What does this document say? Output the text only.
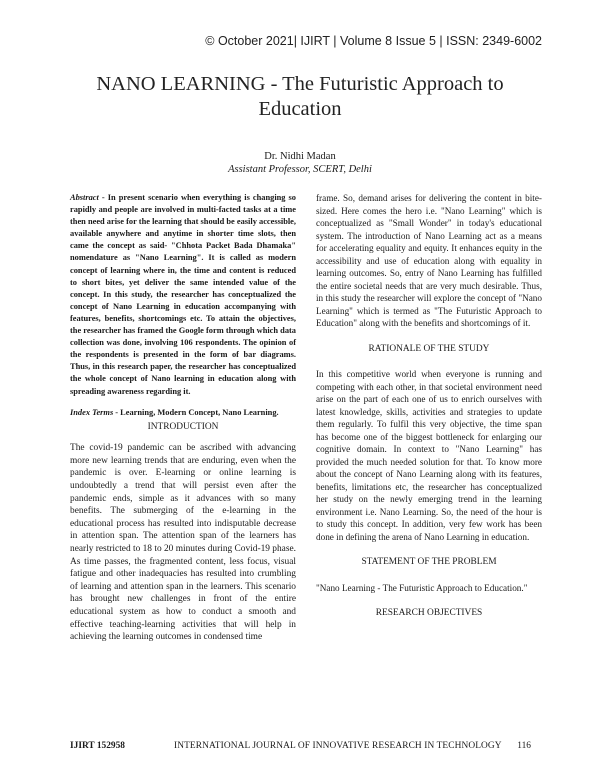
© October 2021| IJIRT | Volume 8 Issue 5 | ISSN: 2349-6002
NANO LEARNING - The Futuristic Approach to
Education
Dr. Nidhi Madan
Assistant Professor, SCERT, Delhi

Abstract - In present scenario when everything is changing so rapidly and people are involved in multi-facted tasks at a time then need arise for the learning that should be easily accessible, available anywhere and anytime in shorter time slots, then came the concept as said- "Chhota Packet Bada Dhamaka" nomendature as "Nano Learning". It is called as modern concept of learning where in, the time and content is reduced to short bites, yet deliver the same intended value of the concept. In this study, the researcher has conceptualized the concept of Nano Learning in education accompanying with features, benefits, shortcomings etc. To attain the objectives, the researcher has framed the Google form through which data collection was done, involving 106 respondents. The opinion of the respondents is presented in the form of bar diagrams. Thus, in this research paper, the researcher has conceptualized the whole concept of Nano learning in education along with spreading awareness regarding it.

Index Terms - Learning, Modern Concept, Nano Learning.

INTRODUCTION

The covid-19 pandemic can be ascribed with advancing more new learning trends that are enduring, even when the pandemic is over. E-learning or online learning is undoubtedly a trend that will persist even after the pandemic ends, simple as it advances with so many benefits. The submerging of the e-learning in the educational process has resulted into indisputable decrease in attention span. The attention span of the learners has nearly restricted to 18 to 20 minutes during Covid-19 phase. As time passes, the fragmented content, less focus, visual fatigue and other inadequacies has resulted into crumbling of learning and attention span in the learners. This scenario has brought new challenges in front of the entire educational system as how to conduct a smooth and effective teaching-learning activities that will help in achieving the learning outcomes in condensed time

frame. So, demand arises for delivering the content in bite-sized. Here comes the hero i.e. "Nano Learning" which is conceptualized as "Small Wonder" in today's educational system. The introduction of Nano Learning act as a means for accelerating equality and equity. It enhances equity in the accessibility and use of education along with equality in learning outcomes. So, entry of Nano Learning has fulfilled the entire societal needs that are very much desirable. Thus, in this study the researcher will explore the concept of "Nano Learning" which is termed as "The Futuristic Approach to Education" along with the benefits and shortcomings of it.

RATIONALE OF THE STUDY

In this competitive world when everyone is running and competing with each other, in that societal environment need arise on the part of each one of us to enrich ourselves with latest knowledge, skills, activities and strategies to update them regularly. To fulfil this very objective, the time span has become one of the biggest bottleneck for enlarging our cognitive domain. In context to "Nano Learning" has provided the much needed solution for that. To know more about the concept of Nano Learning along with its features, benefits, limitations etc, the researcher has conceptualized her study on the newly emerging trend in the learning environment i.e. Nano Learning. So, the need of the hour is to study this concept. In addition, very few work has been done in defining the arena of Nano Learning in education.

STATEMENT OF THE PROBLEM

"Nano Learning - The Futuristic Approach to Education."

RESEARCH OBJECTIVES

IJIRT 152958	INTERNATIONAL JOURNAL OF INNOVATIVE RESEARCH IN TECHNOLOGY 116
